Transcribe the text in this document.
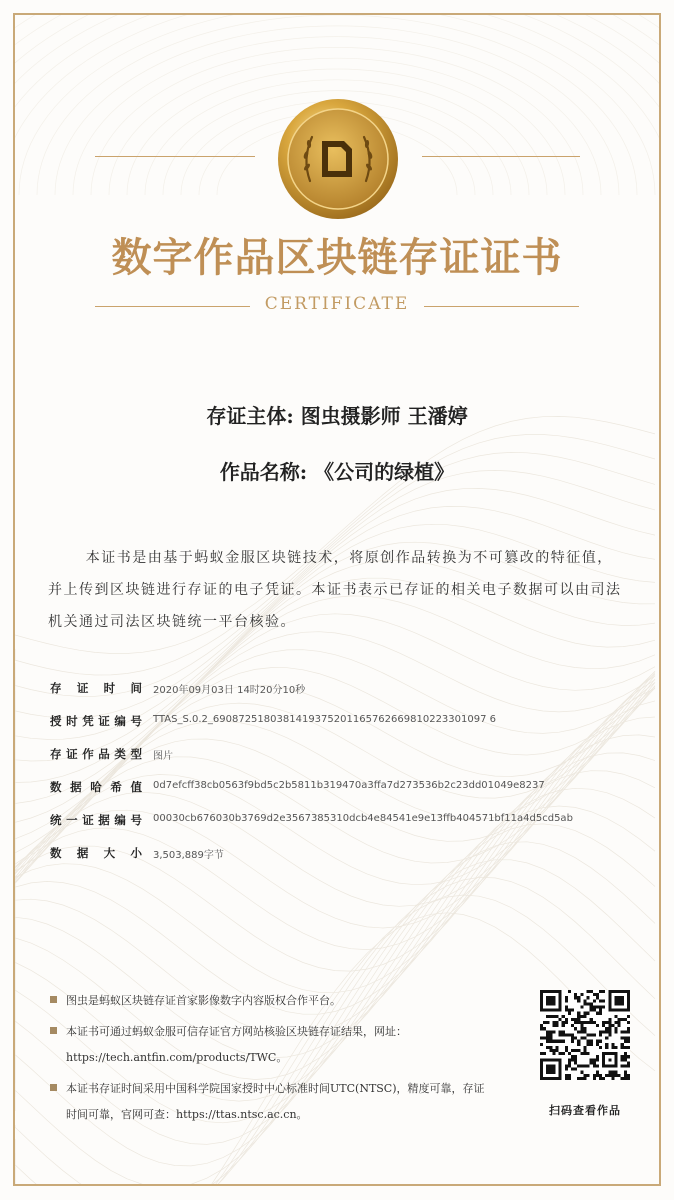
数字作品区块链存证证书
CERTIFICATE
存证主体: 图虫摄影师 王潘婷
作品名称: 《公司的绿植》
本证书是由基于蚂蚁金服区块链技术，将原创作品转换为不可篡改的特征值，并上传到区块链进行存证的电子凭证。本证书表示已存证的相关电子数据可以由司法机关通过司法区块链统一平台核验。
存证时间 2020年09月03日 14时20分10秒
授时凭证编号 TTAS_S.0.2_6908725180381419375201165762669810223301097 6
存证作品类型 图片
数据哈希值 0d7efcff38cb0563f9bd5c2b5811b319470a3ffa7d273536b2c23dd01049e8237
统一证据编号 00030cb676030b3769d2e3567385310dcb4e84541e9e13ffb404571bf11a4d5cd5ab
数据大小 3,503,889字节
图虫是蚂蚁区块链存证首家影像数字内容版权合作平台。
本证书可通过蚂蚁金服可信存证官方网站核验区块链存证结果，网址：https://tech.antfin.com/products/TWC。
本证书存证时间采用中国科学院国家授时中心标准时间UTC(NTSC)，精度可靠，存证时间可靠，官网可查：https://ttas.ntsc.ac.cn。	扫码查看作品
